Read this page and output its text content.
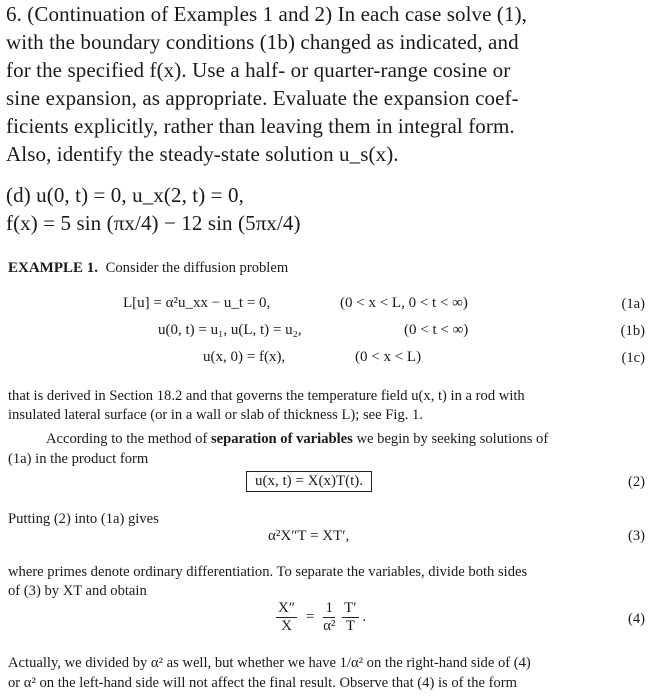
6. (Continuation of Examples 1 and 2) In each case solve (1),
with the boundary conditions (1b) changed as indicated, and
for the specified f(x). Use a half- or quarter-range cosine or
sine expansion, as appropriate. Evaluate the expansion coef-
ficients explicitly, rather than leaving them in integral form.
Also, identify the steady-state solution u_s(x).
(d) u(0, t) = 0, u_x(2, t) = 0,
f(x) = 5 sin (πx/4) − 12 sin (5πx/4)
EXAMPLE 1. Consider the diffusion problem
L[u] = α²u_xx − u_t = 0,	(0 < x < L, 0 < t < ∞)	(1a)
u(0, t) = u₁, u(L, t) = u₂,	(0 < t < ∞)	(1b)
u(x, 0) = f(x),	(0 < x < L)	(1c)
that is derived in Section 18.2 and that governs the temperature field u(x, t) in a rod with
insulated lateral surface (or in a wall or slab of thickness L); see Fig. 1.
According to the method of separation of variables we begin by seeking solutions of
(1a) in the product form
u(x, t) = X(x)T(t).	(2)
Putting (2) into (1a) gives
α²X″T = XT′,	(3)
where primes denote ordinary differentiation. To separate the variables, divide both sides
of (3) by XT and obtain
$\frac{X''}{X} = \frac{1}{\text{α²}}$
$\frac{T'}{T}$ .	(4)
Actually, we divided by α² as well, but whether we have 1/α² on the right-hand side of (4)
or α² on the left-hand side will not affect the final result. Observe that (4) is of the form
